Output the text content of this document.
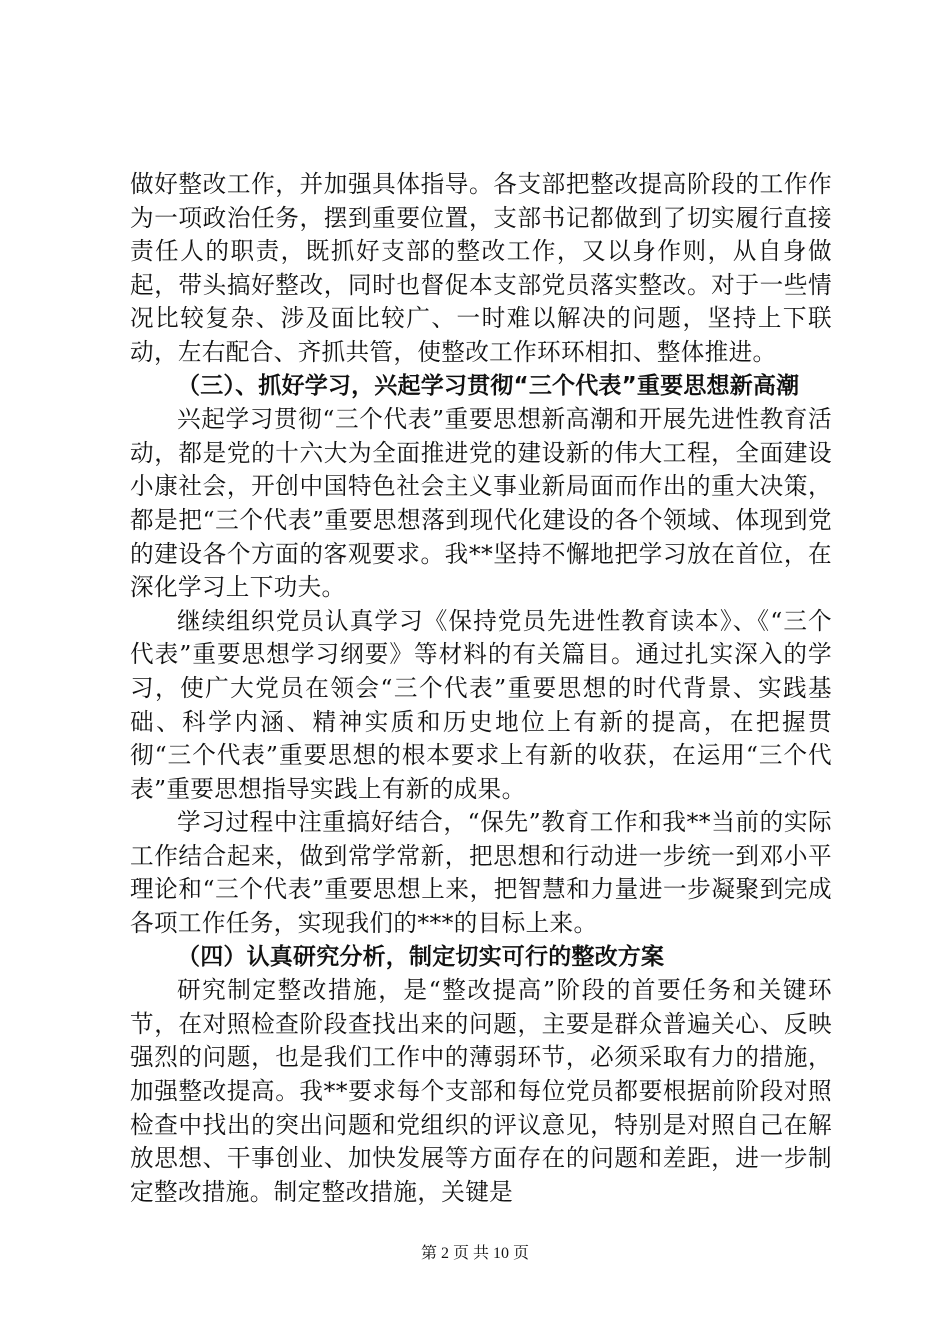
做好整改工作，并加强具体指导。各支部把整改提高阶段的工作作为一项政治任务，摆到重要位置，支部书记都做到了切实履行直接责任人的职责，既抓好支部的整改工作，又以身作则，从自身做起，带头搞好整改，同时也督促本支部党员落实整改。对于一些情况比较复杂、涉及面比较广、一时难以解决的问题，坚持上下联动，左右配合、齐抓共管，使整改工作环环相扣、整体推进。

（三）、抓好学习，兴起学习贯彻“三个代表”重要思想新高潮

兴起学习贯彻“三个代表”重要思想新高潮和开展先进性教育活动，都是党的十六大为全面推进党的建设新的伟大工程，全面建设小康社会，开创中国特色社会主义事业新局面而作出的重大决策，都是把“三个代表”重要思想落到现代化建设的各个领域、体现到党的建设各个方面的客观要求。我**坚持不懈地把学习放在首位，在深化学习上下功夫。

继续组织党员认真学习《保持党员先进性教育读本》、《“三个代表”重要思想学习纲要》等材料的有关篇目。通过扎实深入的学习，使广大党员在领会“三个代表”重要思想的时代背景、实践基础、科学内涵、精神实质和历史地位上有新的提高，在把握贯彻“三个代表”重要思想的根本要求上有新的收获，在运用“三个代表”重要思想指导实践上有新的成果。

学习过程中注重搞好结合，“保先”教育工作和我**当前的实际工作结合起来，做到常学常新，把思想和行动进一步统一到邓小平理论和“三个代表”重要思想上来，把智慧和力量进一步凝聚到完成各项工作任务，实现我们的***的目标上来。

（四）认真研究分析，制定切实可行的整改方案

研究制定整改措施，是“整改提高”阶段的首要任务和关键环节，在对照检查阶段查找出来的问题，主要是群众普遍关心、反映强烈的问题，也是我们工作中的薄弱环节，必须采取有力的措施，加强整改提高。我**要求每个支部和每位党员都要根据前阶段对照检查中找出的突出问题和党组织的评议意见，特别是对照自己在解放思想、干事创业、加快发展等方面存在的问题和差距，进一步制定整改措施。制定整改措施，关键是

第 2 页 共 10 页
